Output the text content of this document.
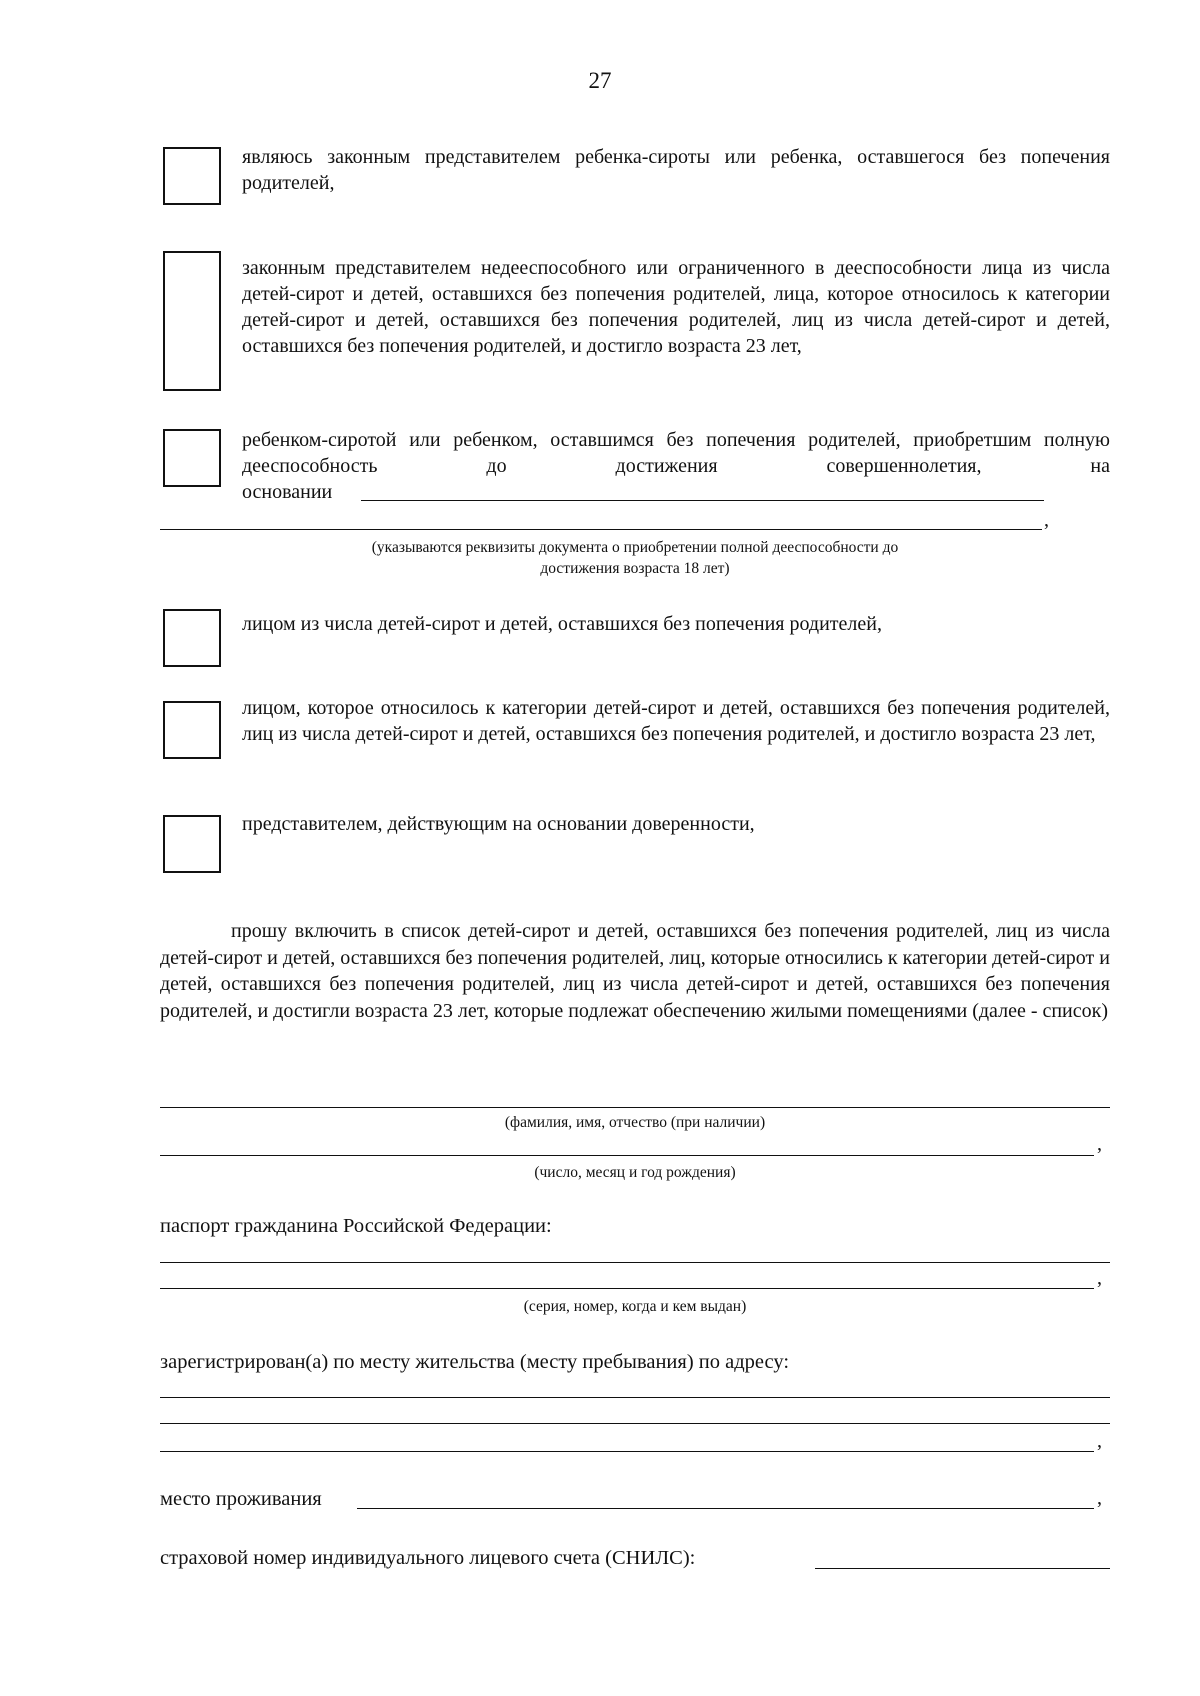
27
являюсь законным представителем ребенка-сироты или ребенка, оставшегося без попечения родителей,
законным представителем недееспособного или ограниченного в дееспособности лица из числа детей-сирот и детей, оставшихся без попечения родителей, лица, которое относилось к категории детей-сирот и детей, оставшихся без попечения родителей, лиц из числа детей-сирот и детей, оставшихся без попечения родителей, и достигло возраста 23 лет,
ребенком-сиротой или ребенком, оставшимся без попечения родителей, приобретшим полную дееспособность до достижения совершеннолетия, на
основании
,
(указываются реквизиты документа о приобретении полной дееспособности до
достижения возраста 18 лет)
лицом из числа детей-сирот и детей, оставшихся без попечения родителей,
лицом, которое относилось к категории детей-сирот и детей, оставшихся без попечения родителей, лиц из числа детей-сирот и детей, оставшихся без попечения родителей, и достигло возраста 23 лет,
представителем, действующим на основании доверенности,
прошу включить в список детей-сирот и детей, оставшихся без попечения родителей, лиц из числа детей-сирот и детей, оставшихся без попечения родителей, лиц, которые относились к категории детей-сирот и детей, оставшихся без попечения родителей, лиц из числа детей-сирот и детей, оставшихся без попечения родителей, и достигли возраста 23 лет, которые подлежат обеспечению жилыми помещениями (далее - список)
(фамилия, имя, отчество (при наличии)
,
(число, месяц и год рождения)
паспорт гражданина Российской Федерации:
,
(серия, номер, когда и кем выдан)
зарегистрирован(а) по месту жительства (месту пребывания) по адресу:
,
место проживания	,
страховой номер индивидуального лицевого счета (СНИЛС):
